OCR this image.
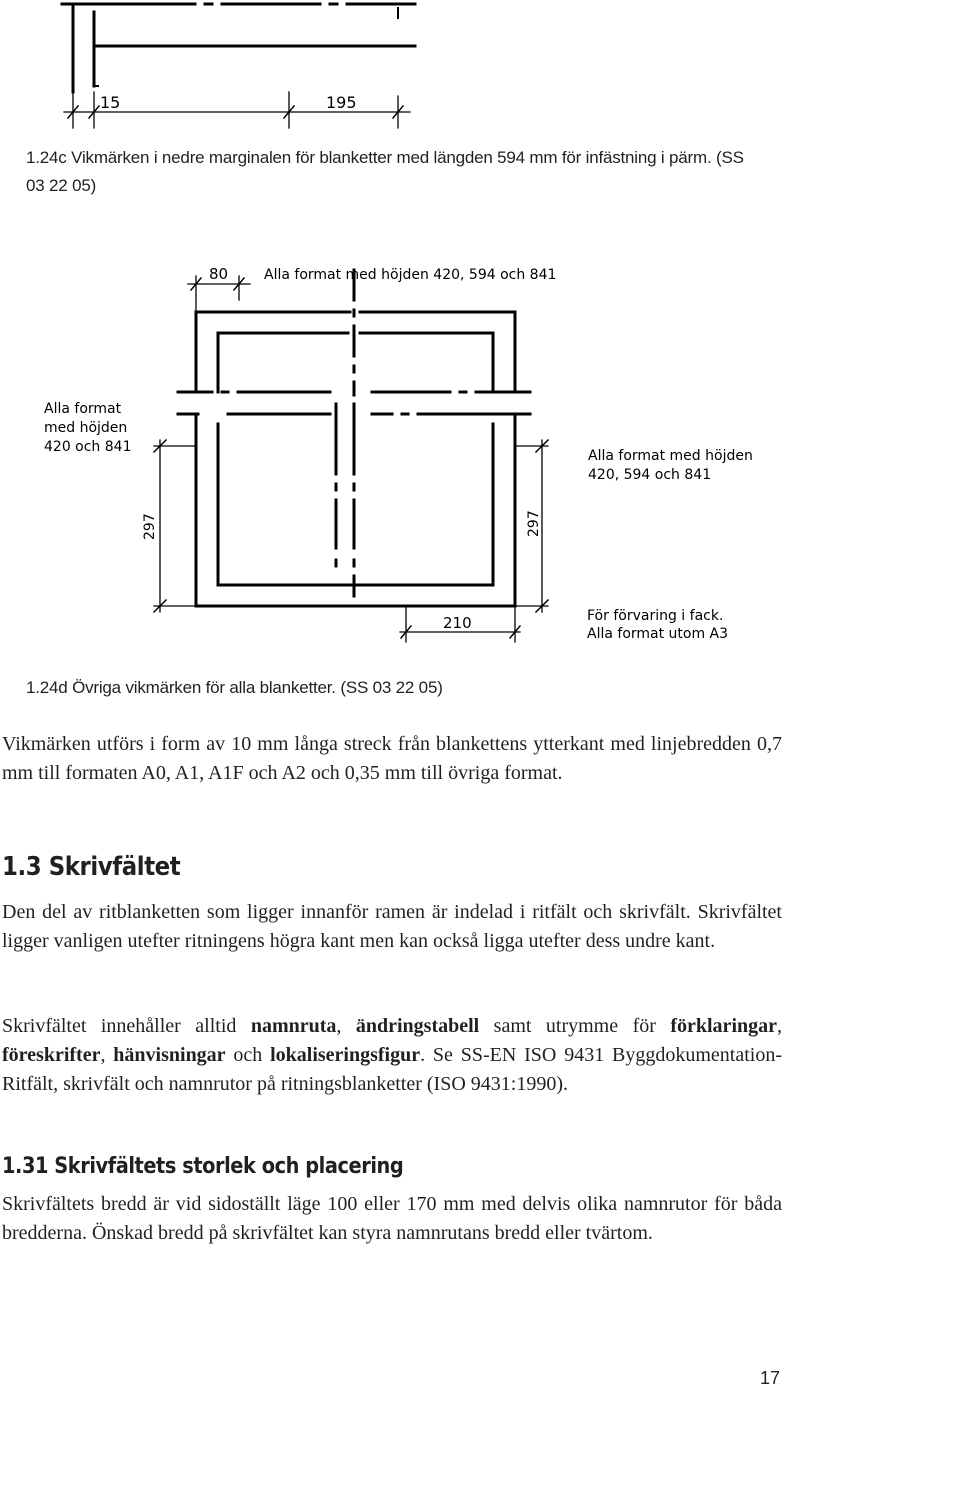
15	195
1.24c Vikmärken i nedre marginalen för blanketter med längden 594 mm för infästning i pärm. (SS 03 22 05)
80	Alla format med höjden 420, 594 och 841
Alla format
med höjden
420 och 841
Alla format med höjden
420, 594 och 841
297	297
210	För förvaring i fack.
Alla format utom A3
1.24d Övriga vikmärken för alla blanketter. (SS 03 22 05)

Vikmärken utförs i form av 10 mm långa streck från blankettens ytterkant med linjebredden 0,7 mm till formaten A0, A1, A1F och A2 och 0,35 mm till övriga format.

1.3 Skrivfältet

Den del av ritblanketten som ligger innanför ramen är indelad i ritfält och skrivfält. Skrivfältet ligger vanligen utefter ritningens högra kant men kan också ligga utefter dess undre kant.

Skrivfältet innehåller alltid namnruta, ändringstabell samt utrymme för förklaringar, föreskrifter, hänvisningar och lokaliseringsfigur. Se SS-EN ISO 9431 Byggdokumentation- Ritfält, skrivfält och namnrutor på ritningsblanketter (ISO 9431:1990).

1.31 Skrivfältets storlek och placering

Skrivfältets bredd är vid sidoställt läge 100 eller 170 mm med delvis olika namnrutor för båda bredderna. Önskad bredd på skrivfältet kan styra namnrutans bredd eller tvärtom.

17
